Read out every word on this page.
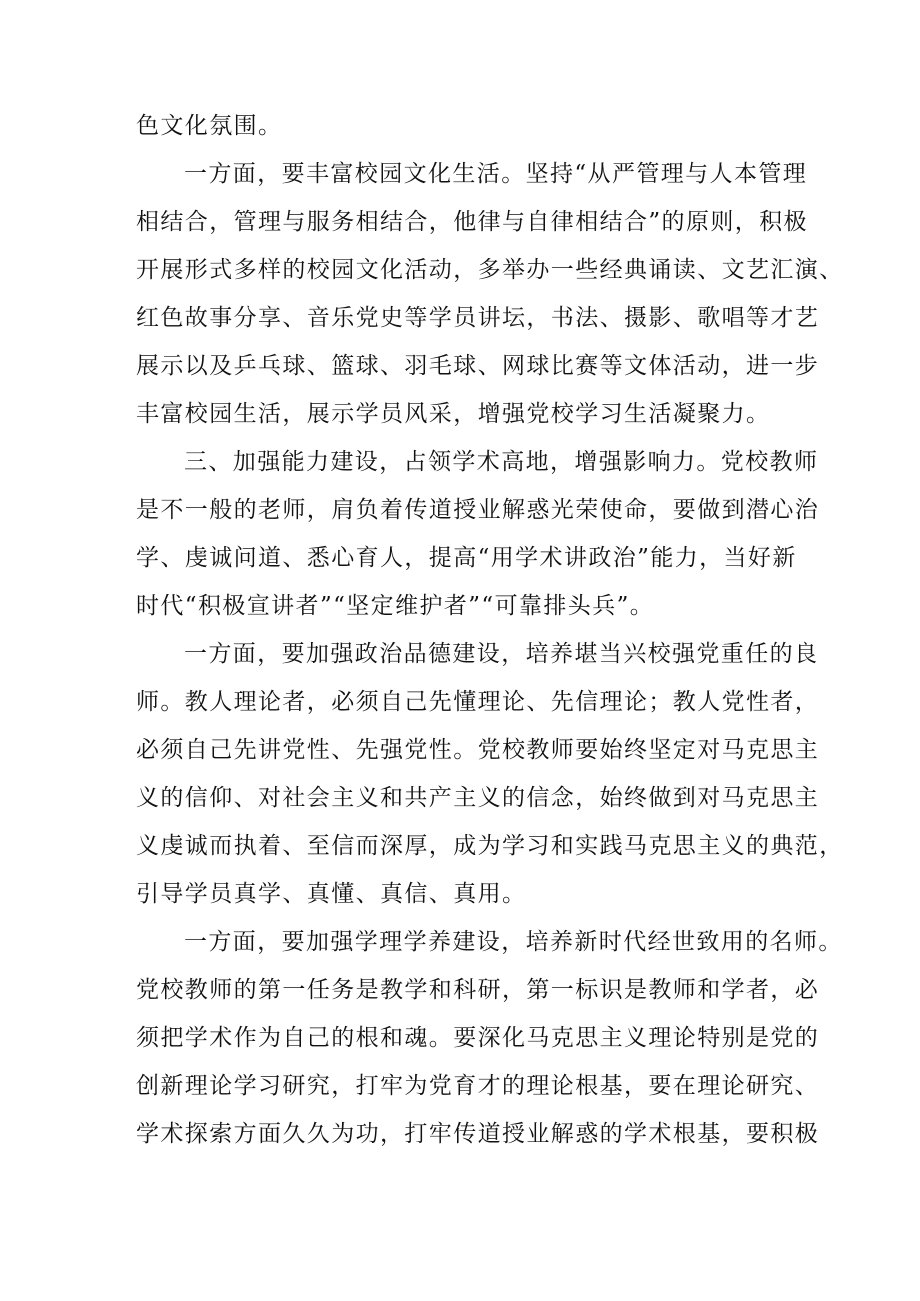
色文化氛围。
一方面，要丰富校园文化生活。坚持“从严管理与人本管理
相结合，管理与服务相结合，他律与自律相结合”的原则，积极
开展形式多样的校园文化活动，多举办一些经典诵读、文艺汇演、
红色故事分享、音乐党史等学员讲坛，书法、摄影、歌唱等才艺
展示以及乒乓球、篮球、羽毛球、网球比赛等文体活动，进一步
丰富校园生活，展示学员风采，增强党校学习生活凝聚力。
三、加强能力建设，占领学术高地，增强影响力。党校教师
是不一般的老师，肩负着传道授业解惑光荣使命，要做到潜心治
学、虔诚问道、悉心育人，提高“用学术讲政治”能力，当好新
时代“积极宣讲者”“坚定维护者”“可靠排头兵”。
一方面，要加强政治品德建设，培养堪当兴校强党重任的良
师。教人理论者，必须自己先懂理论、先信理论；教人党性者，
必须自己先讲党性、先强党性。党校教师要始终坚定对马克思主
义的信仰、对社会主义和共产主义的信念，始终做到对马克思主
义虔诚而执着、至信而深厚，成为学习和实践马克思主义的典范，
引导学员真学、真懂、真信、真用。
一方面，要加强学理学养建设，培养新时代经世致用的名师。
党校教师的第一任务是教学和科研，第一标识是教师和学者，必
须把学术作为自己的根和魂。要深化马克思主义理论特别是党的
创新理论学习研究，打牢为党育才的理论根基，要在理论研究、
学术探索方面久久为功，打牢传道授业解惑的学术根基，要积极
